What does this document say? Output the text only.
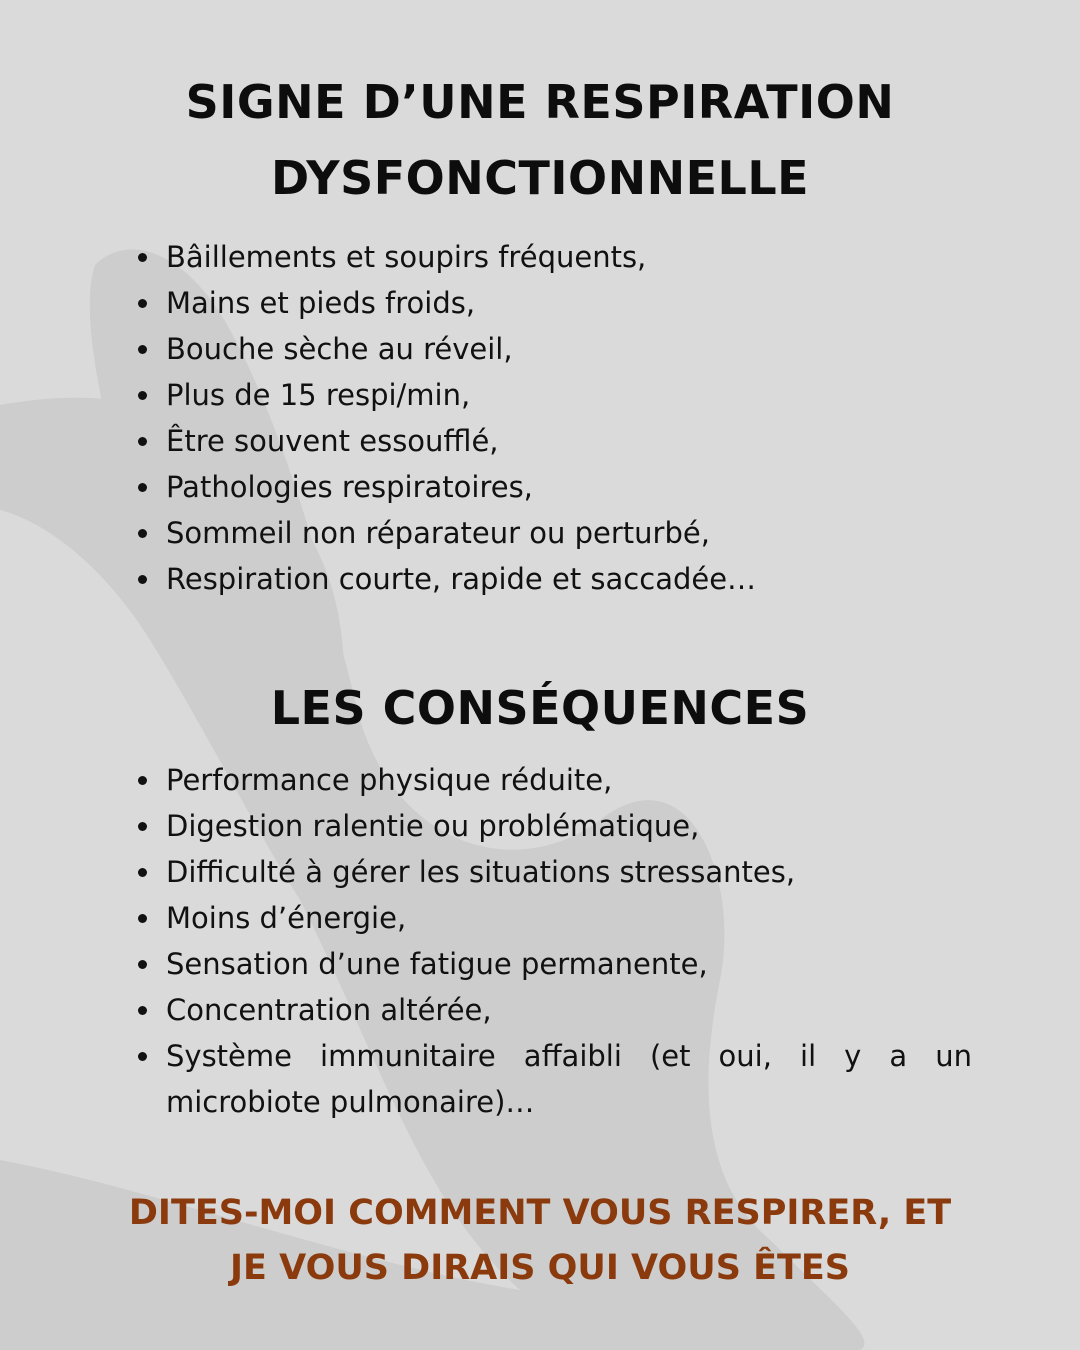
SIGNE D’UNE RESPIRATION
DYSFONCTIONNELLE
Bâillements et soupirs fréquents,
Mains et pieds froids,
Bouche sèche au réveil,
Plus de 15 respi/min,
Être souvent essoufflé,
Pathologies respiratoires,
Sommeil non réparateur ou perturbé,
Respiration courte, rapide et saccadée…
LES CONSÉQUENCES
Performance physique réduite,
Digestion ralentie ou problématique,
Difficulté à gérer les situations stressantes,
Moins d’énergie,
Sensation d’une fatigue permanente,
Concentration altérée,
Système immunitaire affaibli (et oui, il y a un microbiote pulmonaire)…

DITES-MOI COMMENT VOUS RESPIRER, ET
JE VOUS DIRAIS QUI VOUS ÊTES
